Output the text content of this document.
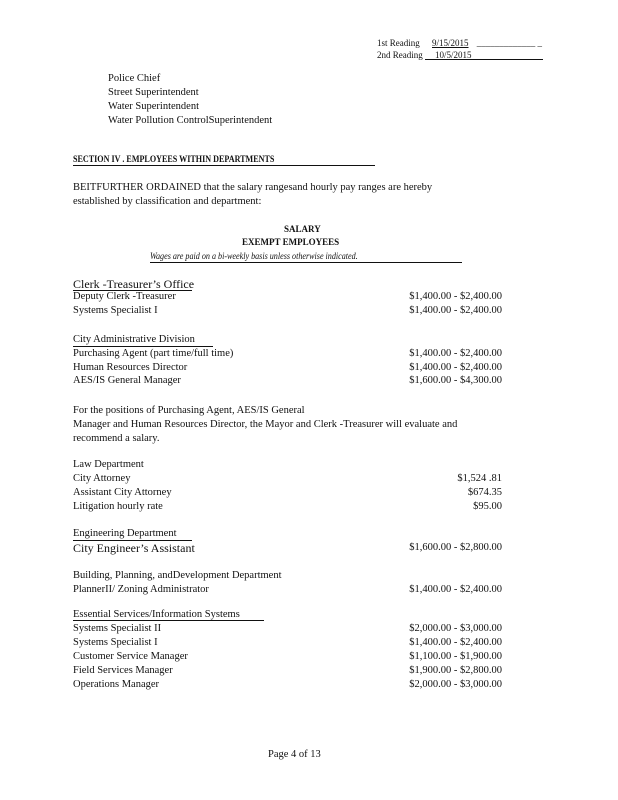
1st Reading 9/15/2015 _____________ _
2nd Reading 10/5/2015
Police Chief
Street Superintendent
Water Superintendent
Water Pollution ControlSuperintendent
SECTION IV . EMPLOYEES WITHIN DEPARTMENTS
BEITFURTHER ORDAINED that the salary rangesand hourly pay ranges are hereby
established by classification and department:
SALARY
EXEMPT EMPLOYEES
Wages are paid on a bi-weekly basis unless otherwise indicated.
Clerk -Treasurer’s Office
Deputy Clerk -Treasurer	$1,400.00 - $2,400.00
Systems Specialist I	$1,400.00 - $2,400.00
City Administrative Division
Purchasing Agent (part time/full time)	$1,400.00 - $2,400.00
Human Resources Director	$1,400.00 - $2,400.00
AES/IS General Manager	$1,600.00 - $4,300.00
For the positions of Purchasing Agent, AES/IS General
Manager and Human Resources Director, the Mayor and Clerk -Treasurer will evaluate and
recommend a salary.
Law Department
City Attorney	$1,524 .81
Assistant City Attorney	$674.35
Litigation hourly rate	$95.00
Engineering Department
City Engineer’s Assistant	$1,600.00 - $2,800.00
Building, Planning, andDevelopment Department
PlannerII/ Zoning Administrator	$1,400.00 - $2,400.00
Essential Services/Information Systems
Systems Specialist II	$2,000.00 - $3,000.00
Systems Specialist I	$1,400.00 - $2,400.00
Customer Service Manager	$1,100.00 - $1,900.00
Field Services Manager	$1,900.00 - $2,800.00
Operations Manager	$2,000.00 - $3,000.00
Page 4 of 13
